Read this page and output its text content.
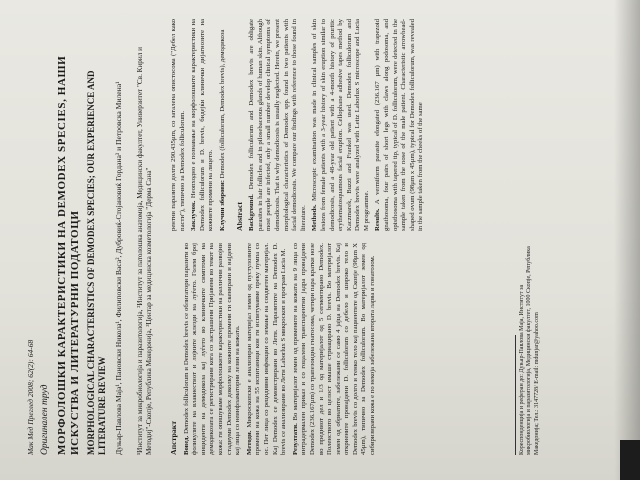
Мак Мед Преглед 2008; 62(2): 64-68 Оригинален труд МОРФОЛОШКИ КАРАКТЕРИСТИКИ НА DEMODEX SPECIES, НАШИ ИСКУСТВА И ЛИТЕРАТУРНИ ПОДАТОЦИ MORPHOLOGICAL CHARACTERISTICS OF DEMODEX SPECIES; OUR EXPERIENCE AND LITERATURE REVIEW Дуњар-Павлова Маја¹, Пановски Никола¹, Филиповски Васа², Дубровиќ-Стојановиќ Гордана³ и Петровска Милена¹ ¹Институт за микробиологија и паразитологија, ²Институт за патолошка анатомија, Медицински факултет, Универзитет "Св. Кирил и Методиј"-Скопје, Република Македонија, ³Центар за медицинска козметологија "Дерма Сана" Апстракт Вовед. Demodex folliculorum и Demodex brevis се облигатори паразити во фоликулите на влакнестиот и лојните жлезди на луѓето. Голем број инциденти на демодикоза кај луѓето во клиничките симптоми на демодикозата се регистрирани кога со застрашени Пријавени во текот на кожа: ги опишуваме морфолошките карактеристики на различни развојни стадиуми Demodex доколку на кожните промени ги скенирани и најдени кај лица со неинфламаторни лезии на кожата. Методи. Микроскопски е анализиран материјал земен од пустулозните промени на кожа на 55 испитаници кои ги испитувавме преку пумпа со ос. Пет лица со рецидивни инфекции со земање на соодветен материјал. Кај Demodex се демонстрирани во Лети. Паразитите на Demodex D. brevis се анализирани во Лети Laborlux S микроскоп и програм Lucia M. Резултати. Во материјалот земен од промените на кожата на 9 лица со интрадермален приказ и со гоцалени транспарентни јадра пронајдени Demodex (236.167µm) со трапезоидна гнатосома, четири пара кратки нозе во предниот дел и 1/3 од материјалот од 5 сегментирано Demodex. Поленството во целост имаше стриациранo D. brevis. Вo материјалот земен од обрнатите, забележани се само 4 јајца на Demodex brevis. Кај откриените пронајдени D. folliculorum со дебело и широко тело и Demodex brevis со долго и тенко тело кај пациентите од Скопје (98µm X 45µm), типично за Demodex folliculorum. Во материјалот земен од сибиризирани кожа е по некоја забележана втората ларва и гонатозом.	Кореспонденција и реферан до: Дуњар-Павлова Маја, Институт за микробиологија и паразитологија, Медицински факултет, 1000 Скопје, Република Македонија; Тел.: 3147728/ E-mail: mdunjar@yahoo.com

рентни паразити долги 290.435µm, со заталена опистосома ("Дебел како пасти"), типично за Demodex folliculorum. Заклучок. Неопходно е познавање на морфолошките карактеристики на Demodex folliculorum и D. brevis, бидејќи клинички дијагнозите на кожните промени на лицето. Клучни зборови: Demodex (folliculorum, Demodex brevis), демодикоза

Abstract Background. Demodex folliculorum and Demodex brevis are obligate parasites in hair follicles and in pilosebaceous glands of human skin. Although most people are infected, only a small number develop clinical symptoms of demodicosis. That is why demodicosis is usually neglected. Herein, we present morphological characteristics of Demodex spp. found in two patients with facial demodicosis. We compare our findings with reference to those found in literature. Methods. Microscopic examination was made in clinical samples of skin lesions from female patients with a 3-year history of skin eruption similar to demodicosis, and a 48-year old patient with a 4-month history of pruritic erythematosquamous facial eruption. Cellophane adhesive tapes method by Kaczmarek, Buzzi and Frankel was used. Demodex folliculorum and Demodex brevis were analyzed with Leitz Laborlux S microscope and Lucia M programme. Results. A vermiform parasite elongated (236.167 µm) with trapezoid gnathosoma, four pairs of short legs with claws along podosoma, and opisthosoma with tapered tip, typical of D. folliculorum, were detected in the sample taken from the nose of the male patient. Characteristic arrowhead-shaped ovum (98µm x 45µm), typical for Demodex folliculorum, was revealed in the sample taken from the cheeks of the same
